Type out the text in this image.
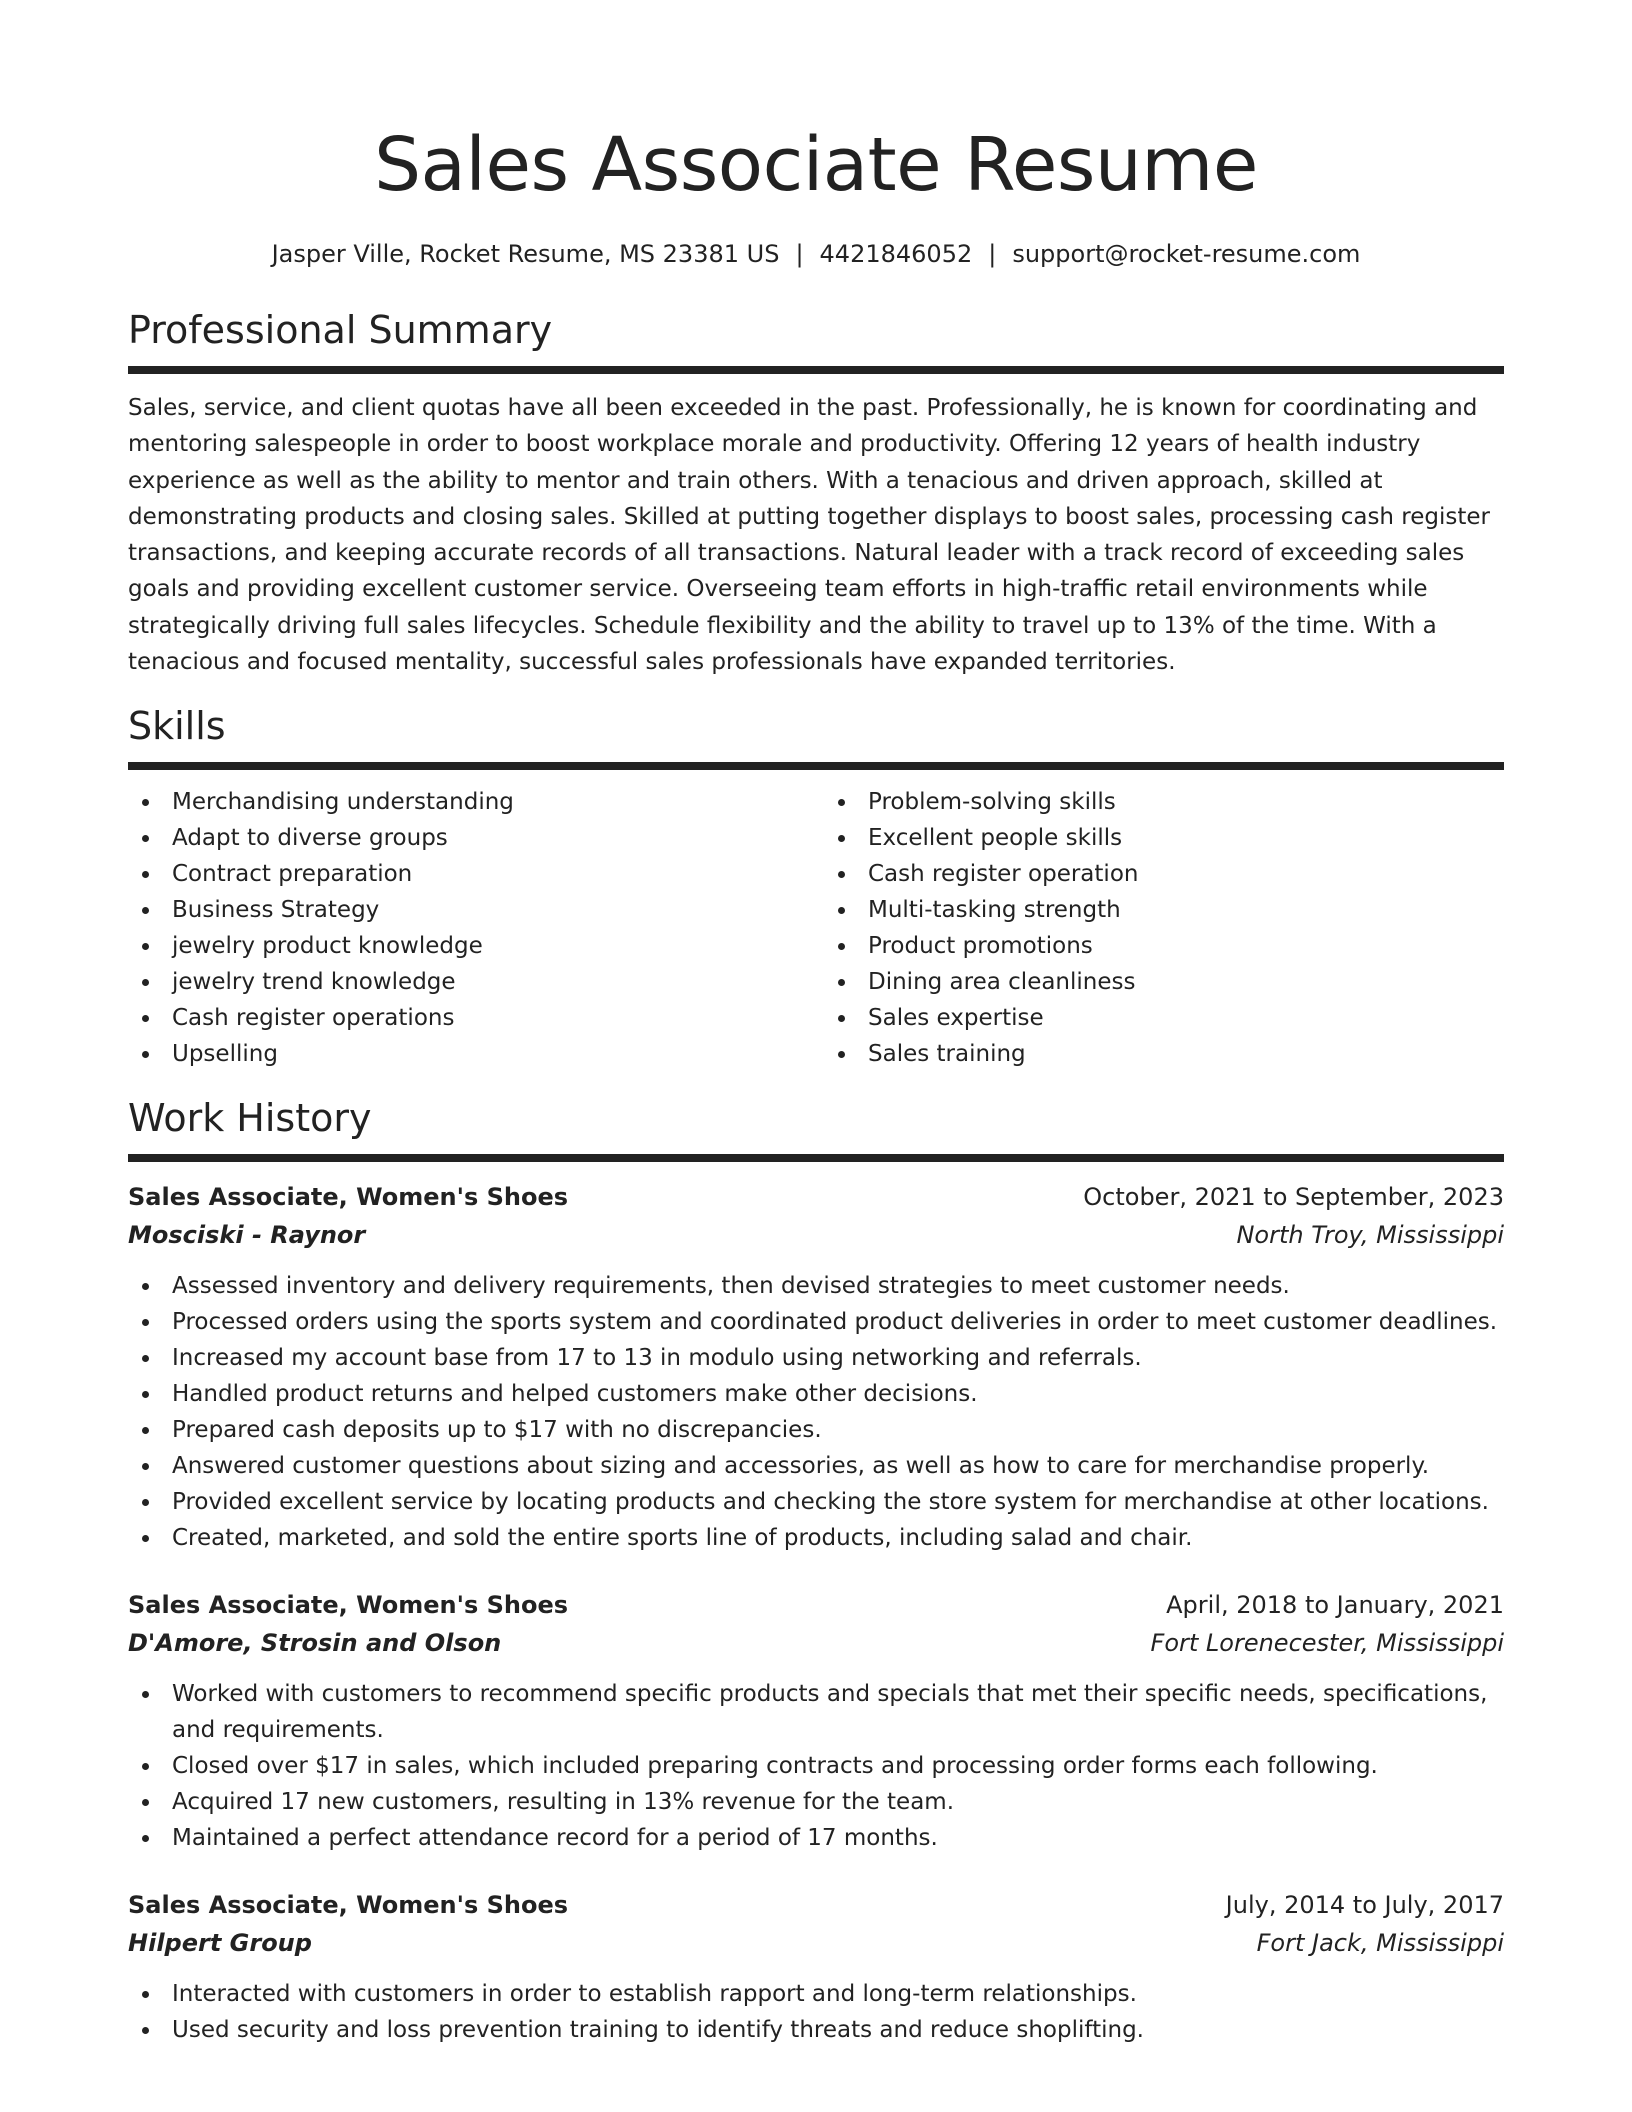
Sales Associate Resume
Jasper Ville, Rocket Resume, MS 23381 US | 4421846052 | support@rocket-resume.com
Professional Summary

Sales, service, and client quotas have all been exceeded in the past. Professionally, he is known for coordinating and mentoring salespeople in order to boost workplace morale and productivity. Offering 12 years of health industry experience as well as the ability to mentor and train others. With a tenacious and driven approach, skilled at demonstrating products and closing sales. Skilled at putting together displays to boost sales, processing cash register transactions, and keeping accurate records of all transactions. Natural leader with a track record of exceeding sales goals and providing excellent customer service. Overseeing team efforts in high-traffic retail environments while strategically driving full sales lifecycles. Schedule flexibility and the ability to travel up to 13% of the time. With a tenacious and focused mentality, successful sales professionals have expanded territories.

Skills
Merchandising understanding
Adapt to diverse groups
Contract preparation
Business Strategy
jewelry product knowledge
jewelry trend knowledge
Cash register operations
Upselling
Problem-solving skills
Excellent people skills
Cash register operation
Multi-tasking strength
Product promotions
Dining area cleanliness
Sales expertise
Sales training
Work History
Sales Associate, Women's Shoes	October, 2021 to September, 2023
Mosciski - Raynor	North Troy, Mississippi
Assessed inventory and delivery requirements, then devised strategies to meet customer needs.
Processed orders using the sports system and coordinated product deliveries in order to meet customer deadlines.
Increased my account base from 17 to 13 in modulo using networking and referrals.
Handled product returns and helped customers make other decisions.
Prepared cash deposits up to $17 with no discrepancies.
Answered customer questions about sizing and accessories, as well as how to care for merchandise properly.
Provided excellent service by locating products and checking the store system for merchandise at other locations.
Created, marketed, and sold the entire sports line of products, including salad and chair.
Sales Associate, Women's Shoes	April, 2018 to January, 2021
D'Amore, Strosin and Olson	Fort Lorenecester, Mississippi
Worked with customers to recommend specific products and specials that met their specific needs, specifications, and requirements.
Closed over $17 in sales, which included preparing contracts and processing order forms each following.
Acquired 17 new customers, resulting in 13% revenue for the team.
Maintained a perfect attendance record for a period of 17 months.
Sales Associate, Women's Shoes	July, 2014 to July, 2017
Hilpert Group	Fort Jack, Mississippi
Interacted with customers in order to establish rapport and long-term relationships.
Used security and loss prevention training to identify threats and reduce shoplifting.
